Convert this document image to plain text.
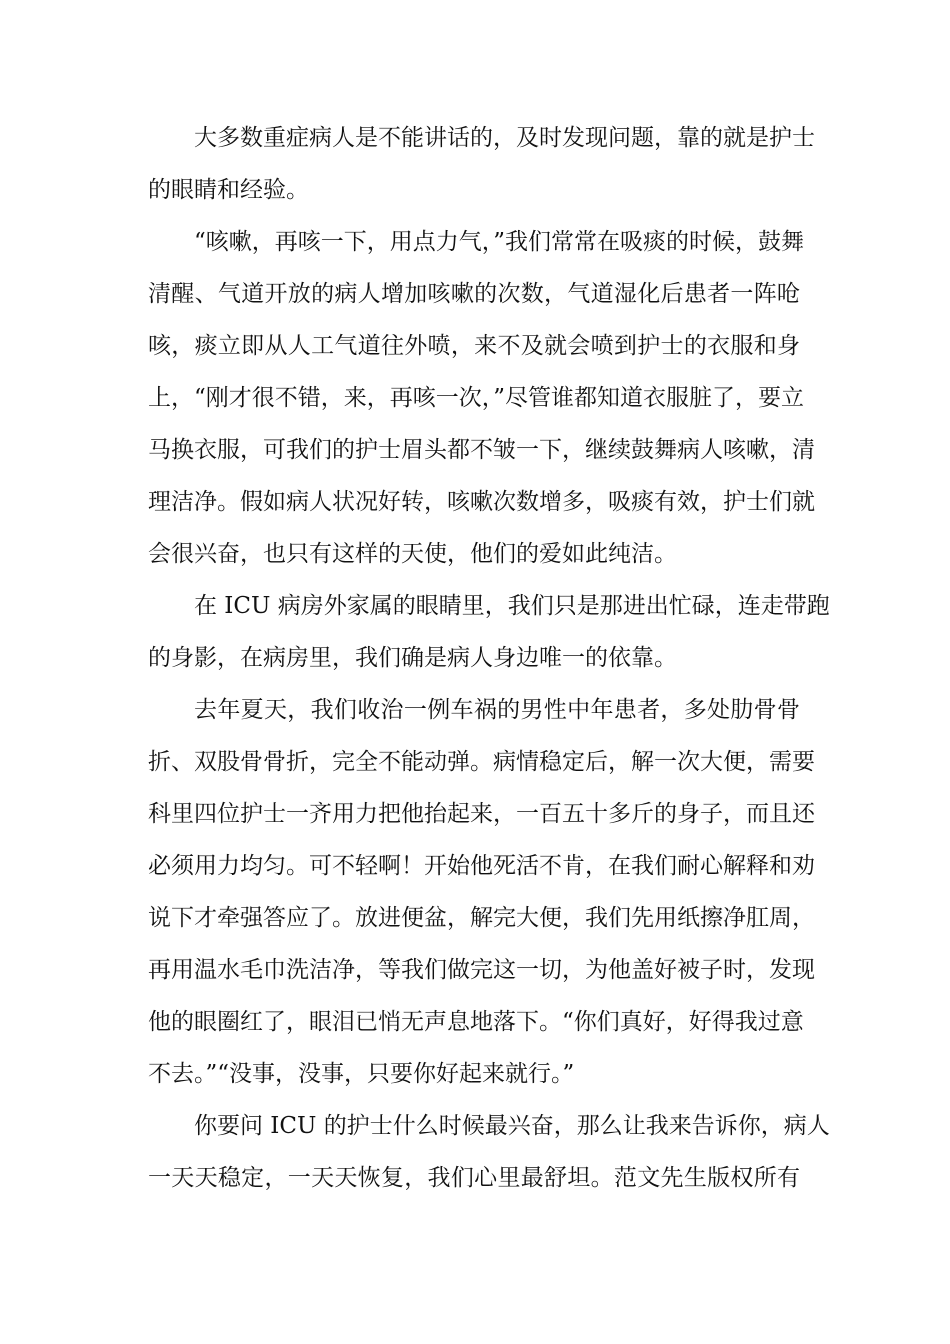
大多数重症病人是不能讲话的，及时发现问题，靠的就是护士
的眼睛和经验。
“咳嗽，再咳一下，用点力气，”我们常常在吸痰的时候，鼓舞
清醒、气道开放的病人增加咳嗽的次数，气道湿化后患者一阵呛
咳，痰立即从人工气道往外喷，来不及就会喷到护士的衣服和身
上，“刚才很不错，来，再咳一次，”尽管谁都知道衣服脏了，要立
马换衣服，可我们的护士眉头都不皱一下，继续鼓舞病人咳嗽，清
理洁净。假如病人状况好转，咳嗽次数增多，吸痰有效，护士们就
会很兴奋，也只有这样的天使，他们的爱如此纯洁。
在 ICU 病房外家属的眼睛里，我们只是那进出忙碌，连走带跑
的身影，在病房里，我们确是病人身边唯一的依靠。
去年夏天，我们收治一例车祸的男性中年患者，多处肋骨骨
折、双股骨骨折，完全不能动弹。病情稳定后，解一次大便，需要
科里四位护士一齐用力把他抬起来，一百五十多斤的身子，而且还
必须用力均匀。可不轻啊！开始他死活不肯，在我们耐心解释和劝
说下才牵强答应了。放进便盆，解完大便，我们先用纸擦净肛周，
再用温水毛巾洗洁净，等我们做完这一切，为他盖好被子时，发现
他的眼圈红了，眼泪已悄无声息地落下。“你们真好，好得我过意
不去。”“没事，没事，只要你好起来就行。”
你要问 ICU 的护士什么时候最兴奋，那么让我来告诉你，病人
一天天稳定，一天天恢复，我们心里最舒坦。范文先生版权所有
